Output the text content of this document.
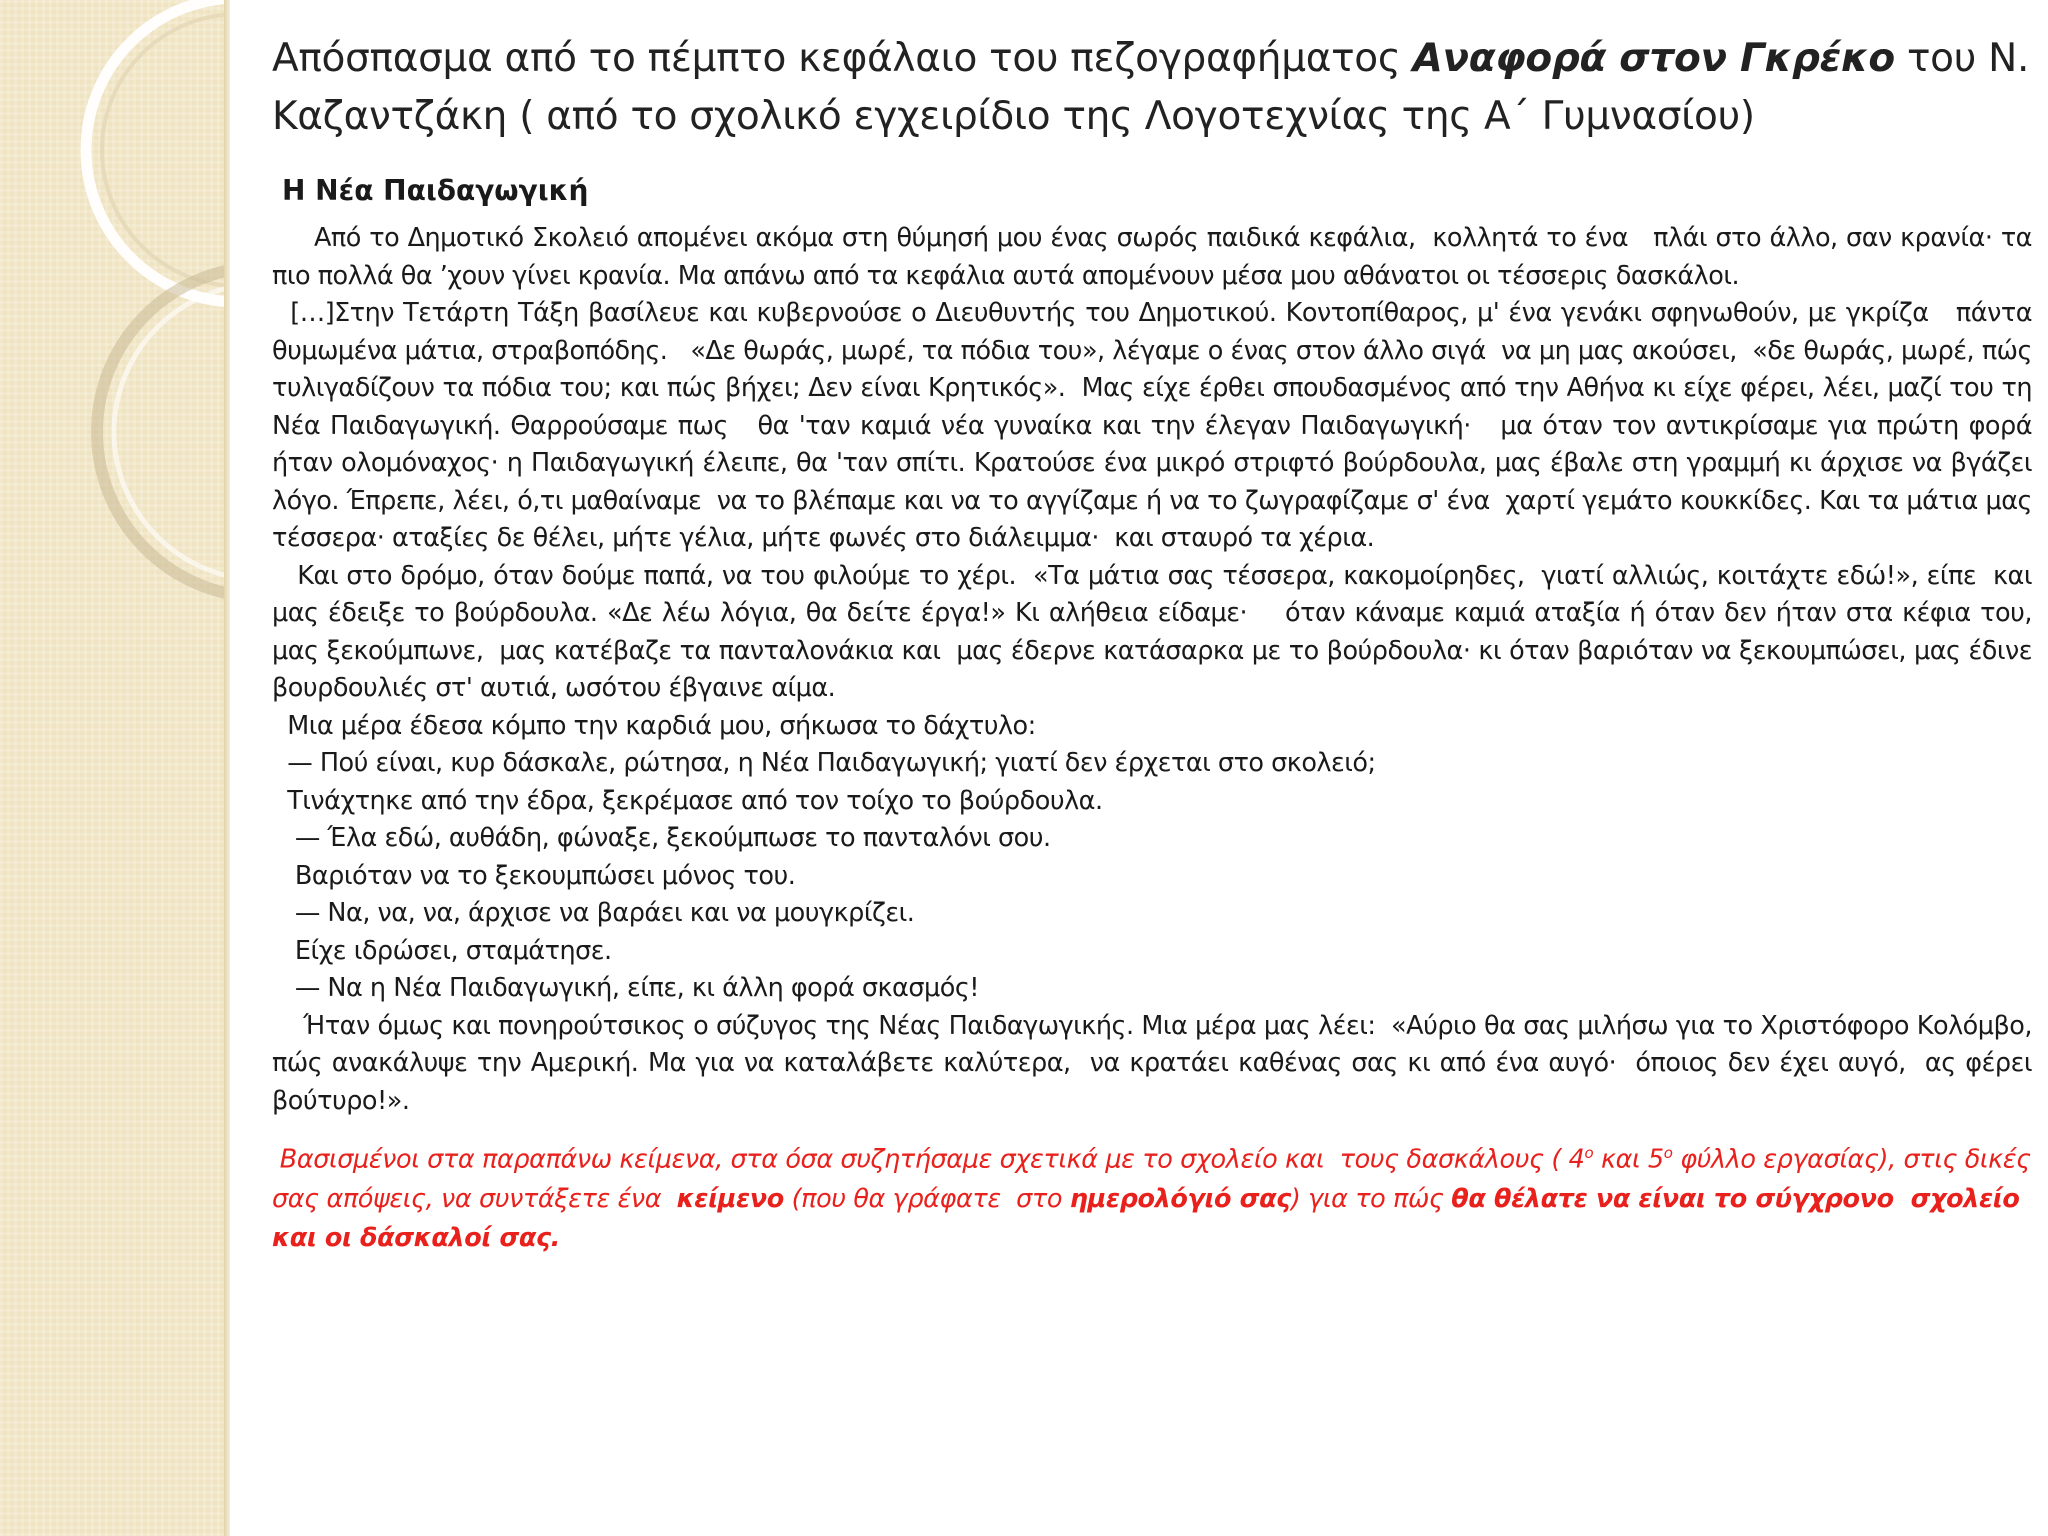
Απόσπασμα από το πέμπτο κεφάλαιο του πεζογραφήματος Αναφορά στον Γκρέκο του Ν. Καζαντζάκη ( από το σχολικό εγχειρίδιο της Λογοτεχνίας της Α΄ Γυμνασίου)
Η Νέα Παιδαγωγική

Από το Δημοτικό Σκολειό απομένει ακόμα στη θύμησή μου ένας σωρός παιδικά κεφάλια,  κολλητά το ένα   πλάι στο άλλο, σαν κρανία· τα πιο πολλά θα ’χουν γίνει κρανία. Μα απάνω από τα κεφάλια αυτά απομένουν μέσα μου αθάνατοι οι τέσσερις δασκάλοι.

[…]Στην Τετάρτη Τάξη βασίλευε και κυβερνούσε ο Διευθυντής του Δημοτικού. Κοντοπίθαρος, μ' ένα γενάκι σφηνωθούν, με γκρίζα   πάντα θυμωμένα μάτια, στραβοπόδης.   «Δε θωράς, μωρέ, τα πόδια του», λέγαμε ο ένας στον άλλο σιγά  να μη μας ακούσει,  «δε θωράς, μωρέ, πώς τυλιγαδίζουν τα πόδια του; και πώς βήχει; Δεν είναι Κρητικός».  Μας είχε έρθει σπουδασμένος από την Αθήνα κι είχε φέρει, λέει, μαζί του τη Νέα Παιδαγωγική. Θαρρούσαμε πως   θα 'ταν καμιά νέα γυναίκα και την έλεγαν Παιδαγωγική·   μα όταν τον αντικρίσαμε για πρώτη φορά ήταν ολομόναχος· η Παιδαγωγική έλειπε, θα 'ταν σπίτι. Κρατούσε ένα μικρό στριφτό βούρδουλα, μας έβαλε στη γραμμή κι άρχισε να βγάζει λόγο. Έπρεπε, λέει, ό,τι μαθαίναμε  να το βλέπαμε και να το αγγίζαμε ή να το ζωγραφίζαμε σ' ένα  χαρτί γεμάτο κουκκίδες. Και τα μάτια μας τέσσερα· αταξίες δε θέλει, μήτε γέλια, μήτε φωνές στο διάλειμμα·  και σταυρό τα χέρια.

Και στο δρόμο, όταν δούμε παπά, να του φιλούμε το χέρι.  «Τα μάτια σας τέσσερα, κακομοίρηδες,  γιατί αλλιώς, κοιτάχτε εδώ!», είπε  και μας έδειξε το βούρδουλα. «Δε λέω λόγια, θα δείτε έργα!» Κι αλήθεια είδαμε·    όταν κάναμε καμιά αταξία ή όταν δεν ήταν στα κέφια του,  μας ξεκούμπωνε,  μας κατέβαζε τα πανταλονάκια και  μας έδερνε κατάσαρκα με το βούρδουλα· κι όταν βαριόταν να ξεκουμπώσει, μας έδινε βουρδουλιές στ' αυτιά, ωσότου έβγαινε αίμα.

Μια μέρα έδεσα κόμπο την καρδιά μου, σήκωσα το δάχτυλο:

— Πού είναι, κυρ δάσκαλε, ρώτησα, η Νέα Παιδαγωγική; γιατί δεν έρχεται στο σκολειό;

Τινάχτηκε από την έδρα, ξεκρέμασε από τον τοίχο το βούρδουλα.

— Έλα εδώ, αυθάδη, φώναξε, ξεκούμπωσε το πανταλόνι σου.

Βαριόταν να το ξεκουμπώσει μόνος του.

— Να, να, να, άρχισε να βαράει και να μουγκρίζει.

Είχε ιδρώσει, σταμάτησε.

— Να η Νέα Παιδαγωγική, είπε, κι άλλη φορά σκασμός!

Ήταν όμως και πονηρούτσικος ο σύζυγος της Νέας Παιδαγωγικής. Μια μέρα μας λέει:  «Αύριο θα σας μιλήσω για το Χριστόφορο Κολόμβο,  πώς ανακάλυψε την Αμερική. Μα για να καταλάβετε καλύτερα,  να κρατάει καθένας σας κι από ένα αυγό·  όποιος δεν έχει αυγό,  ας φέρει βούτυρο!».

Βασισμένοι στα παραπάνω κείμενα, στα όσα συζητήσαμε σχετικά με το σχολείο και  τους δασκάλους ( $4^o$ και $5^o$ φύλλο εργασίας), στις δικές σας απόψεις, να συντάξετε ένα  κείμενο (που θα γράφατε  στο ημερολόγιό σας) για το πώς θα θέλατε να είναι το σύγχρονο  σχολείο και οι δάσκαλοί σας.
